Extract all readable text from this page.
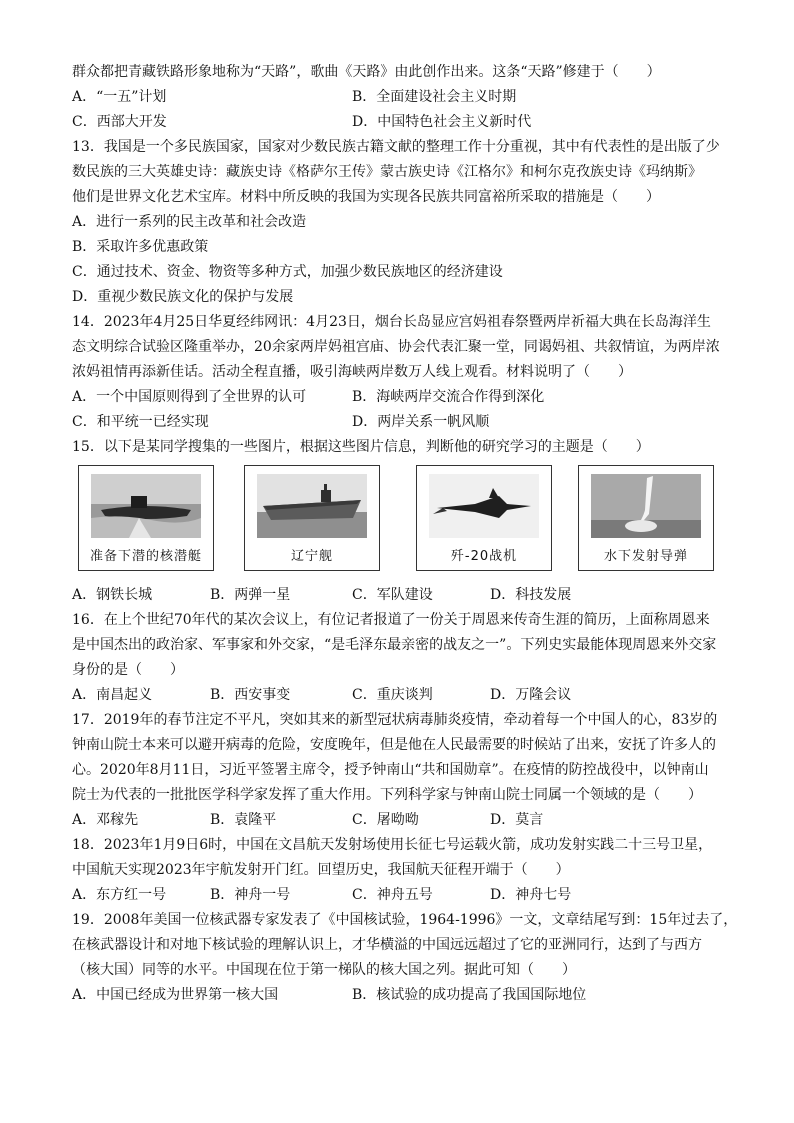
群众都把青藏铁路形象地称为“天路”，歌曲《天路》由此创作出来。这条“天路”修建于（　　）
A．“一五”计划	B．全面建设社会主义时期
C．西部大开发	D．中国特色社会主义新时代
13．我国是一个多民族国家，国家对少数民族古籍文献的整理工作十分重视，其中有代表性的是出版了少
数民族的三大英雄史诗：藏族史诗《格萨尔王传》蒙古族史诗《江格尔》和柯尔克孜族史诗《玛纳斯》
他们是世界文化艺术宝库。材料中所反映的我国为实现各民族共同富裕所采取的措施是（　　）
A．进行一系列的民主改革和社会改造
B．采取许多优惠政策
C．通过技术、资金、物资等多种方式，加强少数民族地区的经济建设
D．重视少数民族文化的保护与发展
14．2023年4月25日华夏经纬网讯：4月23日，烟台长岛显应宫妈祖春祭暨两岸祈福大典在长岛海洋生
态文明综合试验区隆重举办，20余家两岸妈祖宫庙、协会代表汇聚一堂，同谒妈祖、共叙情谊，为两岸浓
浓妈祖情再添新佳话。活动全程直播，吸引海峡两岸数万人线上观看。材料说明了（　　）
A．一个中国原则得到了全世界的认可	B．海峡两岸交流合作得到深化
C．和平统一已经实现	D．两岸关系一帆风顺
15．以下是某同学搜集的一些图片，根据这些图片信息，判断他的研究学习的主题是（　　）
准备下潜的核潜艇	辽宁舰	歼-20战机	水下发射导弹
A．钢铁长城	B．两弹一星	C．军队建设	D．科技发展
16．在上个世纪70年代的某次会议上，有位记者报道了一份关于周恩来传奇生涯的简历，上面称周恩来
是中国杰出的政治家、军事家和外交家，“是毛泽东最亲密的战友之一”。下列史实最能体现周恩来外交家
身份的是（　　）
A．南昌起义	B．西安事变	C．重庆谈判	D．万隆会议
17．2019年的春节注定不平凡，突如其来的新型冠状病毒肺炎疫情，牵动着每一个中国人的心，83岁的
钟南山院士本来可以避开病毒的危险，安度晚年，但是他在人民最需要的时候站了出来，安抚了许多人的
心。2020年8月11日，习近平签署主席令，授予钟南山“共和国勋章”。在疫情的防控战役中，以钟南山
院士为代表的一批批医学科学家发挥了重大作用。下列科学家与钟南山院士同属一个领域的是（　　）
A．邓稼先	B．袁隆平	C．屠呦呦	D．莫言
18．2023年1月9日6时，中国在文昌航天发射场使用长征七号运载火箭，成功发射实践二十三号卫星，
中国航天实现2023年宇航发射开门红。回望历史，我国航天征程开端于（　　）
A．东方红一号	B．神舟一号	C．神舟五号	D．神舟七号
19．2008年美国一位核武器专家发表了《中国核试验，1964-1996》一文，文章结尾写到：15年过去了，
在核武器设计和对地下核试验的理解认识上，才华横溢的中国远远超过了它的亚洲同行，达到了与西方
（核大国）同等的水平。中国现在位于第一梯队的核大国之列。据此可知（　　）
A．中国已经成为世界第一核大国	B．核试验的成功提高了我国国际地位
